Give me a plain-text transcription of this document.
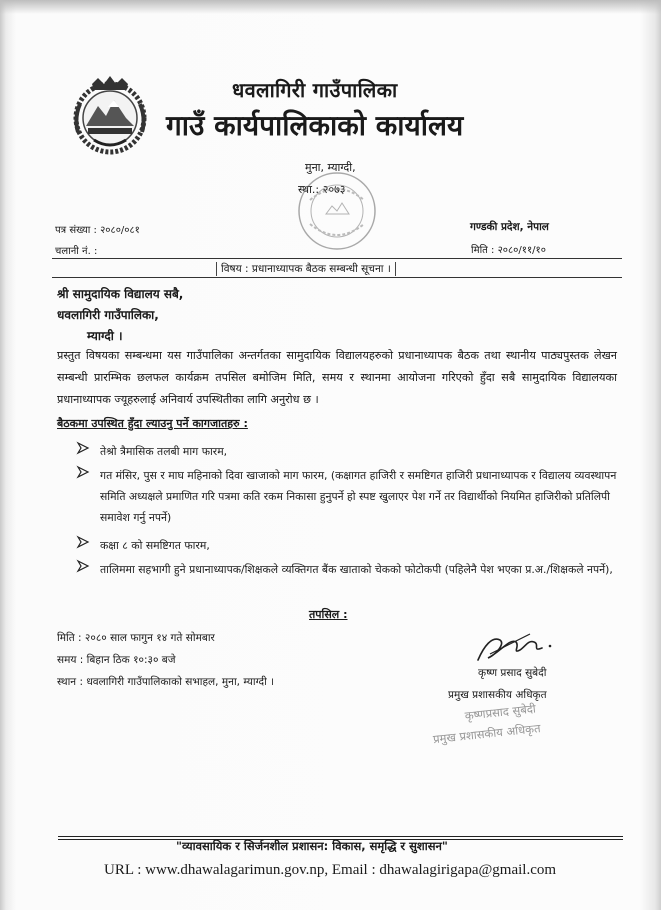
धवलागिरी गाउँपालिका
गाउँ कार्यपालिकाको कार्यालय
मुना, म्याग्दी,
स्था.: २०७३
पत्र संख्या : २०८०/०८१
चलानी नं. :
गण्डकी प्रदेश, नेपाल
मिति : २०८०/११/१०
विषय : प्रधानाध्यापक बैठक सम्बन्धी सूचना ।
श्री सामुदायिक विद्यालय सबै,
धवलागिरी गाउँपालिका,
म्याग्दी ।
प्रस्तुत विषयका सम्बन्धमा यस गाउँपालिका अन्तर्गतका सामुदायिक विद्यालयहरुको प्रधानाध्यापक बैठक तथा स्थानीय पाठ्यपुस्तक लेखन सम्बन्धी प्रारम्भिक छलफल कार्यक्रम तपसिल बमोजिम मिति, समय र स्थानमा आयोजना गरिएको हुँदा सबै सामुदायिक विद्यालयका प्रधानाध्यापक ज्यूहरुलाई अनिवार्य उपस्थितीका लागि अनुरोध छ ।
बैठकमा उपस्थित हुँदा ल्याउनु पर्ने कागजातहरु :
तेश्रो त्रैमासिक तलबी माग फारम,
गत मंसिर, पुस र माघ महिनाको दिवा खाजाको माग फारम, (कक्षागत हाजिरी र समष्टिगत हाजिरी प्रधानाध्यापक र विद्यालय व्यवस्थापन समिति अध्यक्षले प्रमाणित गरि पत्रमा कति रकम निकासा हुनुपर्ने हो स्पष्ट खुलाएर पेश गर्ने तर विद्यार्थीको नियमित हाजिरीको प्रतिलिपी समावेश गर्नु नपर्ने)
कक्षा ८ को समष्टिगत फारम,
तालिममा सहभागी हुने प्रधानाध्यापक/शिक्षकले व्यक्तिगत बैंक खाताको चेकको फोटोकपी (पहिलेनै पेश भएका प्र.अ./शिक्षकले नपर्ने),
तपसिल :
मिति : २०८० साल फागुन १४ गते सोमबार
समय : बिहान ठिक १०:३० बजे
स्थान : धवलागिरी गाउँपालिकाको सभाहल, मुना, म्याग्दी ।
कृष्ण प्रसाद सुबेदी
प्रमुख प्रशासकीय अधिकृत
कृष्णप्रसाद सुबेदी
प्रमुख प्रशासकीय अधिकृत
"व्यावसायिक र सिर्जनशील प्रशासन: विकास, समृद्धि र सुशासन"
URL : www.dhawalagarimun.gov.np, Email : dhawalagirigapa@gmail.com
